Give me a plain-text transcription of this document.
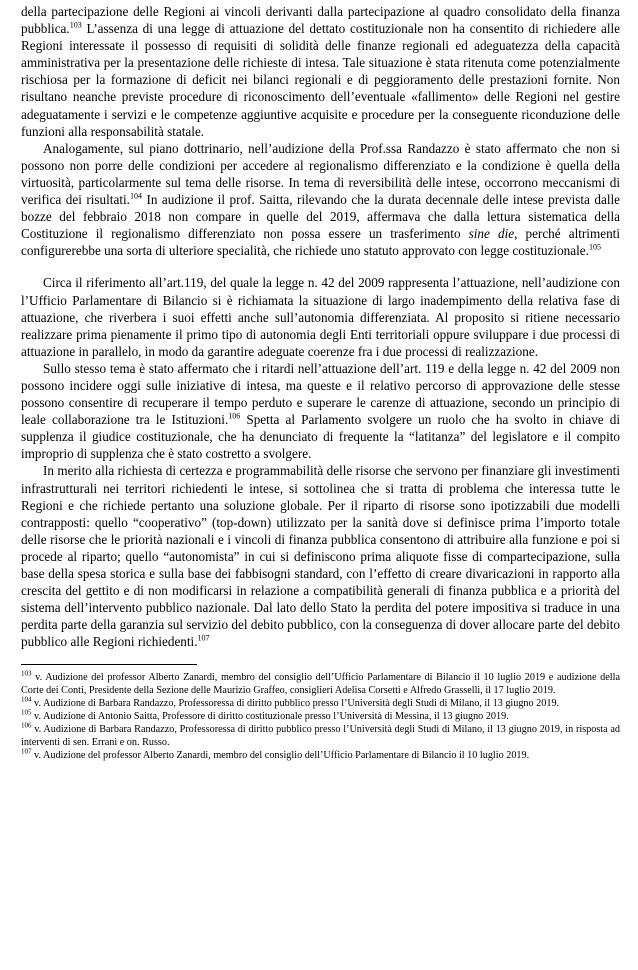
della partecipazione delle Regioni ai vincoli derivanti dalla partecipazione al quadro consolidato della finanza pubblica.$^{103}$ L’assenza di una legge di attuazione del dettato costituzionale non ha consentito di richiedere alle Regioni interessate il possesso di requisiti di solidità delle finanze regionali ed adeguatezza della capacità amministrativa per la presentazione delle richieste di intesa. Tale situazione è stata ritenuta come potenzialmente rischiosa per la formazione di deficit nei bilanci regionali e di peggioramento delle prestazioni fornite. Non risultano neanche previste procedure di riconoscimento dell’eventuale «fallimento» delle Regioni nel gestire adeguatamente i servizi e le competenze aggiuntive acquisite e procedure per la conseguente riconduzione delle funzioni alla responsabilità statale.

Analogamente, sul piano dottrinario, nell’audizione della Prof.ssa Randazzo è stato affermato che non si possono non porre delle condizioni per accedere al regionalismo differenziato e la condizione è quella della virtuosità, particolarmente sul tema delle risorse. In tema di reversibilità delle intese, occorrono meccanismi di verifica dei risultati.$^{104}$ In audizione il prof. Saitta, rilevando che la durata decennale delle intese prevista dalle bozze del febbraio 2018 non compare in quelle del 2019, affermava che dalla lettura sistematica della Costituzione il regionalismo differenziato non possa essere un trasferimento sine die, perché altrimenti configurerebbe una sorta di ulteriore specialità, che richiede uno statuto approvato con legge costituzionale.$^{105}$

Circa il riferimento all’art.119, del quale la legge n. 42 del 2009 rappresenta l’attuazione, nell’audizione con l’Ufficio Parlamentare di Bilancio si è richiamata la situazione di largo inadempimento della relativa fase di attuazione, che riverbera i suoi effetti anche sull’autonomia differenziata. Al proposito si ritiene necessario realizzare prima pienamente il primo tipo di autonomia degli Enti territoriali oppure sviluppare i due processi di attuazione in parallelo, in modo da garantire adeguate coerenze fra i due processi di realizzazione.

Sullo stesso tema è stato affermato che i ritardi nell’attuazione dell’art. 119 e della legge n. 42 del 2009 non possono incidere oggi sulle iniziative di intesa, ma queste e il relativo percorso di approvazione delle stesse possono consentire di recuperare il tempo perduto e superare le carenze di attuazione, secondo un principio di leale collaborazione tra le Istituzioni.$^{106}$ Spetta al Parlamento svolgere un ruolo che ha svolto in chiave di supplenza il giudice costituzionale, che ha denunciato di frequente la “latitanza” del legislatore e il compito improprio di supplenza che è stato costretto a svolgere.

In merito alla richiesta di certezza e programmabilità delle risorse che servono per finanziare gli investimenti infrastrutturali nei territori richiedenti le intese, si sottolinea che si tratta di problema che interessa tutte le Regioni e che richiede pertanto una soluzione globale. Per il riparto di risorse sono ipotizzabili due modelli contrapposti: quello “cooperativo” (top-down) utilizzato per la sanità dove si definisce prima l’importo totale delle risorse che le priorità nazionali e i vincoli di finanza pubblica consentono di attribuire alla funzione e poi si procede al riparto; quello “autonomista” in cui si definiscono prima aliquote fisse di compartecipazione, sulla base della spesa storica e sulla base dei fabbisogni standard, con l’effetto di creare divaricazioni in rapporto alla crescita del gettito e di non modificarsi in relazione a compatibilità generali di finanza pubblica e a priorità del sistema dell’intervento pubblico nazionale. Dal lato dello Stato la perdita del potere impositiva si traduce in una perdita parte della garanzia sul servizio del debito pubblico, con la conseguenza di dover allocare parte del debito pubblico alle Regioni richiedenti.$^{107}$

$^{103}$ v. Audizione del professor Alberto Zanardi, membro del consiglio dell’Ufficio Parlamentare di Bilancio il 10 luglio 2019 e audizione della Corte dei Conti, Presidente della Sezione delle Maurizio Graffeo, consiglieri Adelisa Corsetti e Alfredo Grasselli, il 17 luglio 2019.

$^{104}$ v. Audizione di Barbara Randazzo, Professoressa di diritto pubblico presso l’Università degli Studi di Milano, il 13 giugno 2019.

$^{105}$ v. Audizione di Antonio Saitta, Professore di diritto costituzionale presso l’Università di Messina, il 13 giugno 2019.

$^{106}$ v. Audizione di Barbara Randazzo, Professoressa di diritto pubblico presso l’Università degli Studi di Milano, il 13 giugno 2019, in risposta ad interventi di sen. Errani e on. Russo.

$^{107}$ v. Audizione del professor Alberto Zanardi, membro del consiglio dell’Ufficio Parlamentare di Bilancio il 10 luglio 2019.
